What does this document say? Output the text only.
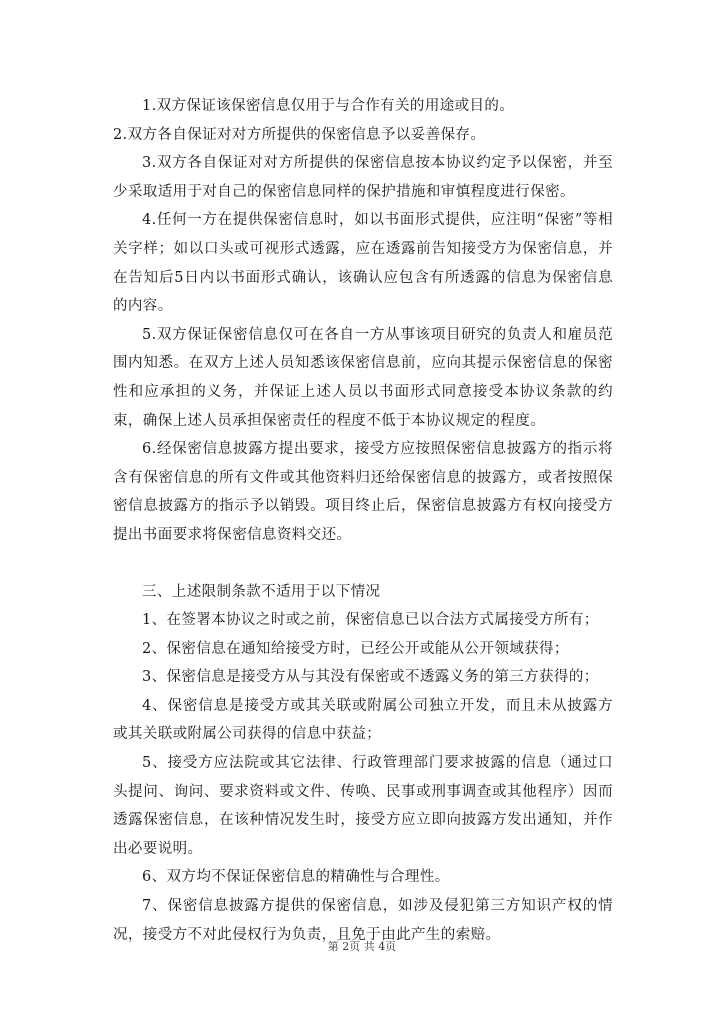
1.双方保证该保密信息仅用于与合作有关的用途或目的。

2.双方各自保证对对方所提供的保密信息予以妥善保存。

3.双方各自保证对对方所提供的保密信息按本协议约定予以保密，并至少采取适用于对自己的保密信息同样的保护措施和审慎程度进行保密。

4.任何一方在提供保密信息时，如以书面形式提供，应注明“保密”等相关字样；如以口头或可视形式透露，应在透露前告知接受方为保密信息，并在告知后5日内以书面形式确认，该确认应包含有所透露的信息为保密信息的内容。

5.双方保证保密信息仅可在各自一方从事该项目研究的负责人和雇员范围内知悉。在双方上述人员知悉该保密信息前，应向其提示保密信息的保密性和应承担的义务，并保证上述人员以书面形式同意接受本协议条款的约束，确保上述人员承担保密责任的程度不低于本协议规定的程度。

6.经保密信息披露方提出要求，接受方应按照保密信息披露方的指示将含有保密信息的所有文件或其他资料归还给保密信息的披露方，或者按照保密信息披露方的指示予以销毁。项目终止后，保密信息披露方有权向接受方提出书面要求将保密信息资料交还。

三、上述限制条款不适用于以下情况

1、在签署本协议之时或之前，保密信息已以合法方式属接受方所有；

2、保密信息在通知给接受方时，已经公开或能从公开领域获得；

3、保密信息是接受方从与其没有保密或不透露义务的第三方获得的；

4、保密信息是接受方或其关联或附属公司独立开发，而且未从披露方或其关联或附属公司获得的信息中获益；

5、接受方应法院或其它法律、行政管理部门要求披露的信息（通过口头提问、询问、要求资料或文件、传唤、民事或刑事调查或其他程序）因而透露保密信息，在该种情况发生时，接受方应立即向披露方发出通知，并作出必要说明。

6、双方均不保证保密信息的精确性与合理性。

7、保密信息披露方提供的保密信息，如涉及侵犯第三方知识产权的情况，接受方不对此侵权行为负责，且免于由此产生的索赔。

第 2页 共 4页
